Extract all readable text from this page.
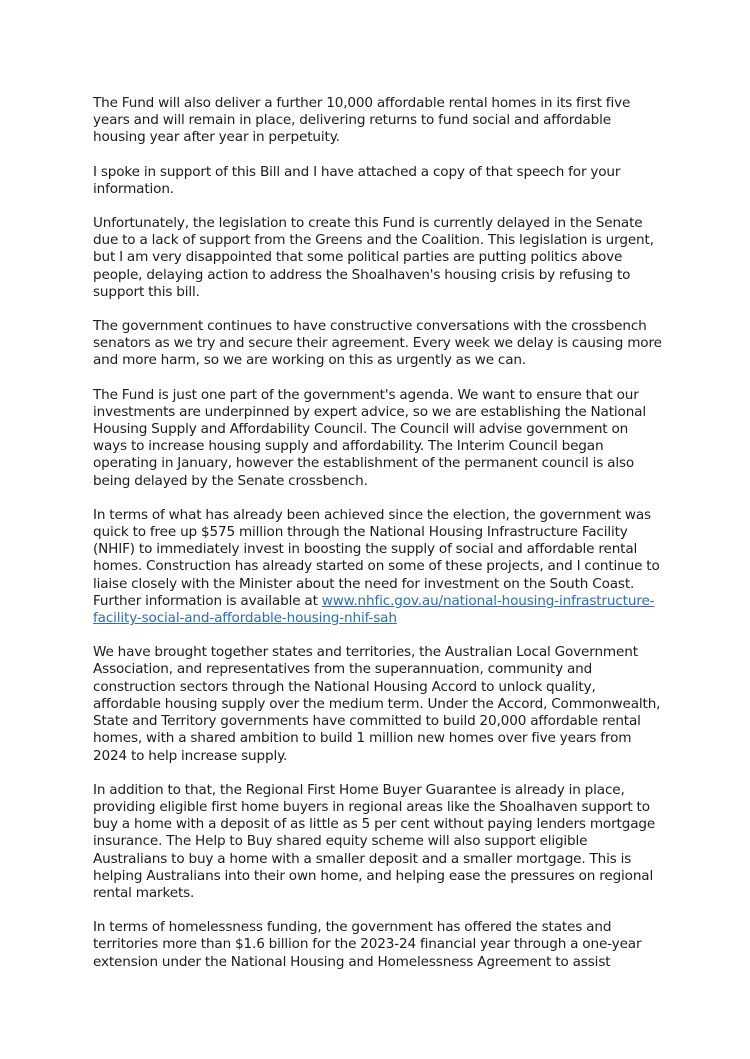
The Fund will also deliver a further 10,000 affordable rental homes in its first five years and will remain in place, delivering returns to fund social and affordable housing year after year in perpetuity.

I spoke in support of this Bill and I have attached a copy of that speech for your information.

Unfortunately, the legislation to create this Fund is currently delayed in the Senate due to a lack of support from the Greens and the Coalition. This legislation is urgent, but I am very disappointed that some political parties are putting politics above people, delaying action to address the Shoalhaven's housing crisis by refusing to support this bill.

The government continues to have constructive conversations with the crossbench senators as we try and secure their agreement. Every week we delay is causing more and more harm, so we are working on this as urgently as we can.

The Fund is just one part of the government's agenda. We want to ensure that our investments are underpinned by expert advice, so we are establishing the National Housing Supply and Affordability Council. The Council will advise government on ways to increase housing supply and affordability. The Interim Council began operating in January, however the establishment of the permanent council is also being delayed by the Senate crossbench.

In terms of what has already been achieved since the election, the government was quick to free up $575 million through the National Housing Infrastructure Facility (NHIF) to immediately invest in boosting the supply of social and affordable rental homes. Construction has already started on some of these projects, and I continue to liaise closely with the Minister about the need for investment on the South Coast. Further information is available at www.nhfic.gov.au/national-housing-infrastructure-facility-social-and-affordable-housing-nhif-sah

We have brought together states and territories, the Australian Local Government Association, and representatives from the superannuation, community and construction sectors through the National Housing Accord to unlock quality, affordable housing supply over the medium term. Under the Accord, Commonwealth, State and Territory governments have committed to build 20,000 affordable rental homes, with a shared ambition to build 1 million new homes over five years from 2024 to help increase supply.

In addition to that, the Regional First Home Buyer Guarantee is already in place, providing eligible first home buyers in regional areas like the Shoalhaven support to buy a home with a deposit of as little as 5 per cent without paying lenders mortgage insurance. The Help to Buy shared equity scheme will also support eligible Australians to buy a home with a smaller deposit and a smaller mortgage. This is helping Australians into their own home, and helping ease the pressures on regional rental markets.

In terms of homelessness funding, the government has offered the states and territories more than $1.6 billion for the 2023-24 financial year through a one-year extension under the National Housing and Homelessness Agreement to assist
